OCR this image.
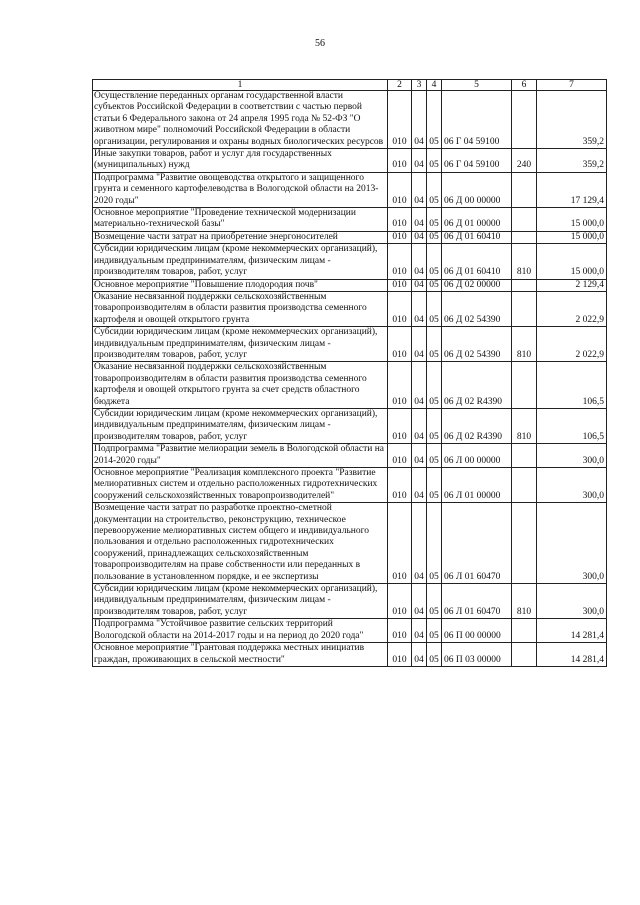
56
1	2	3	4	5	6	7
Осуществление переданных органам государственной власти субъектов Российской Федерации в соответствии с частью первой статьи 6 Федерального закона от 24 апреля 1995 года № 52-ФЗ "О животном мире" полномочий Российской Федерации в области организации, регулирования и охраны водных биологических ресурсов	010	04	05	06 Г 04 59100		359,2
Иные закупки товаров, работ и услуг для государственных (муниципальных) нужд	010	04	05	06 Г 04 59100	240	359,2
Подпрограмма "Развитие овощеводства открытого и защищенного грунта и семенного картофелеводства в Вологодской области на 2013-2020 годы"	010	04	05	06 Д 00 00000		17 129,4
Основное мероприятие "Проведение технической модернизации материально-технической базы"	010	04	05	06 Д 01 00000		15 000,0
Возмещение части затрат на приобретение энергоносителей	010	04	05	06 Д 01 60410		15 000,0
Субсидии юридическим лицам (кроме некоммерческих организаций), индивидуальным предпринимателям, физическим лицам - производителям товаров, работ, услуг	010	04	05	06 Д 01 60410	810	15 000,0
Основное мероприятие "Повышение плодородия почв"	010	04	05	06 Д 02 00000		2 129,4
Оказание несвязанной поддержки сельскохозяйственным товаропроизводителям в области развития производства семенного картофеля и овощей открытого грунта	010	04	05	06 Д 02 54390		2 022,9
Субсидии юридическим лицам (кроме некоммерческих организаций), индивидуальным предпринимателям, физическим лицам - производителям товаров, работ, услуг	010	04	05	06 Д 02 54390	810	2 022,9
Оказание несвязанной поддержки сельскохозяйственным товаропроизводителям в области развития производства семенного картофеля и овощей открытого грунта за счет средств областного бюджета	010	04	05	06 Д 02 R4390		106,5
Субсидии юридическим лицам (кроме некоммерческих организаций), индивидуальным предпринимателям, физическим лицам - производителям товаров, работ, услуг	010	04	05	06 Д 02 R4390	810	106,5
Подпрограмма "Развитие мелиорации земель в Вологодской области на 2014-2020 годы"	010	04	05	06 Л 00 00000		300,0
Основное мероприятие "Реализация комплексного проекта "Развитие мелиоративных систем и отдельно расположенных гидротехнических сооружений сельскохозяйственных товаропроизводителей"	010	04	05	06 Л 01 00000		300,0
Возмещение части затрат по разработке проектно-сметной документации на строительство, реконструкцию, техническое перевооружение мелиоративных систем общего и индивидуального пользования и отдельно расположенных гидротехнических сооружений, принадлежащих сельскохозяйственным товаропроизводителям на праве собственности или переданных в пользование в установленном порядке, и ее экспертизы	010	04	05	06 Л 01 60470		300,0
Субсидии юридическим лицам (кроме некоммерческих организаций), индивидуальным предпринимателям, физическим лицам - производителям товаров, работ, услуг	010	04	05	06 Л 01 60470	810	300,0
Подпрограмма "Устойчивое развитие сельских территорий Вологодской области на 2014-2017 годы и на период до 2020 года"	010	04	05	06 П 00 00000		14 281,4
Основное мероприятие "Грантовая поддержка местных инициатив граждан, проживающих в сельской местности"	010	04	05	06 П 03 00000		14 281,4
